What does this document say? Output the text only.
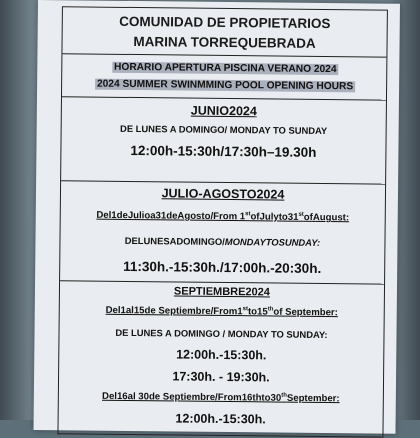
COMUNIDAD DE PROPIETARIOS
MARINA TORREQUEBRADA
HORARIO APERTURA PISCINA VERANO 2024
2024 SUMMER SWINMMING POOL OPENING HOURS
JUNIO2024
DE LUNES A DOMINGO/ MONDAY TO SUNDAY
12:00h-15:30h/17:30h–19.30h
JULIO-AGOSTO2024
Del1deJulioa31deAgosto/From 1stofJulyto31stofAugust:
DELUNESADOMINGO/MONDAYTOSUNDAY:
11:30h.-15:30h./17:00h.-20:30h.
SEPTIEMBRE2024
Del1al15de Septiembre/From1stto15thof September:
DE LUNES A DOMINGO / MONDAY TO SUNDAY:
12:00h.-15:30h.
17:30h. - 19:30h.
Del16al 30de Septiembre/From16thto30thSeptember:
12:00h.-15:30h.
